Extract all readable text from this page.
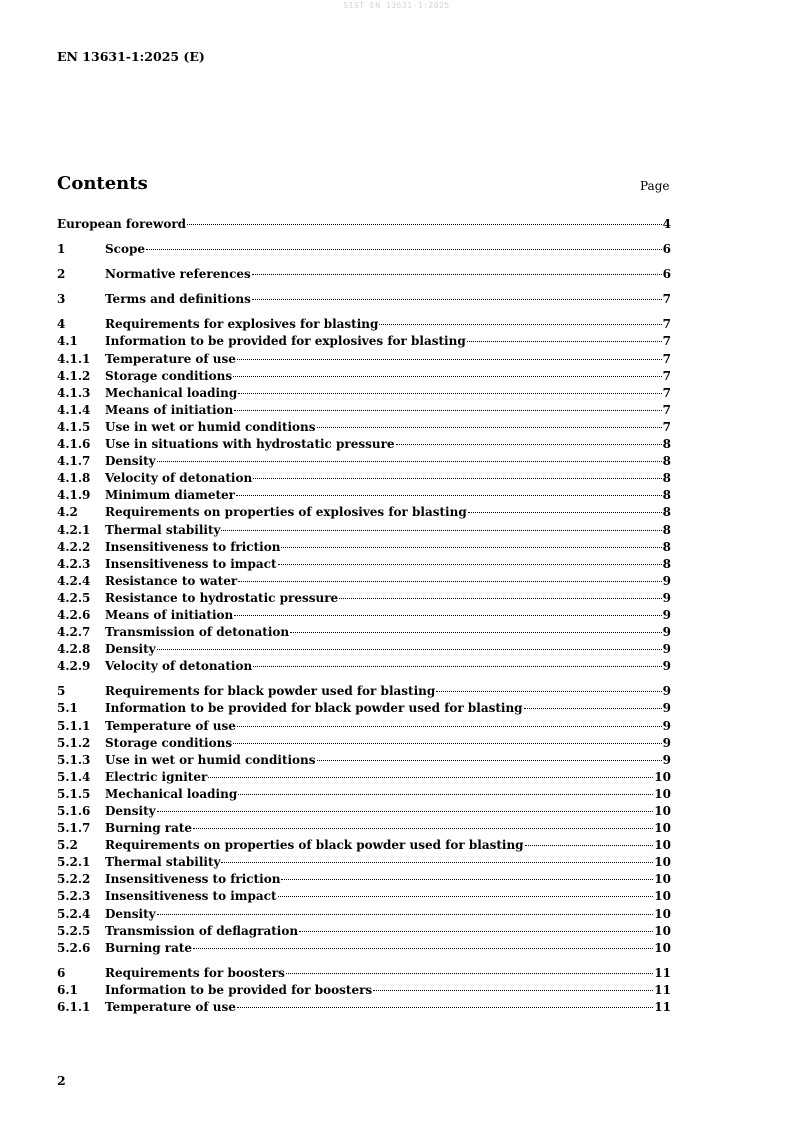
SIST EN 13631-1:2025
EN 13631-1:2025 (E)
Contents	Page
European foreword	4
1	Scope	6
2	Normative references	6
3	Terms and definitions	7
4	Requirements for explosives for blasting	7
4.1	Information to be provided for explosives for blasting	7
4.1.1	Temperature of use	7
4.1.2	Storage conditions	7
4.1.3	Mechanical loading	7
4.1.4	Means of initiation	7
4.1.5	Use in wet or humid conditions	7
4.1.6	Use in situations with hydrostatic pressure	8
4.1.7	Density	8
4.1.8	Velocity of detonation	8
4.1.9	Minimum diameter	8
4.2	Requirements on properties of explosives for blasting	8
4.2.1	Thermal stability	8
4.2.2	Insensitiveness to friction	8
4.2.3	Insensitiveness to impact	8
4.2.4	Resistance to water	9
4.2.5	Resistance to hydrostatic pressure	9
4.2.6	Means of initiation	9
4.2.7	Transmission of detonation	9
4.2.8	Density	9
4.2.9	Velocity of detonation	9
5	Requirements for black powder used for blasting	9
5.1	Information to be provided for black powder used for blasting	9
5.1.1	Temperature of use	9
5.1.2	Storage conditions	9
5.1.3	Use in wet or humid conditions	9
5.1.4	Electric igniter	10
5.1.5	Mechanical loading	10
5.1.6	Density	10
5.1.7	Burning rate	10
5.2	Requirements on properties of black powder used for blasting	10
5.2.1	Thermal stability	10
5.2.2	Insensitiveness to friction	10
5.2.3	Insensitiveness to impact	10
5.2.4	Density	10
5.2.5	Transmission of deflagration	10
5.2.6	Burning rate	10
6	Requirements for boosters	11
6.1	Information to be provided for boosters	11
6.1.1	Temperature of use	11
2
